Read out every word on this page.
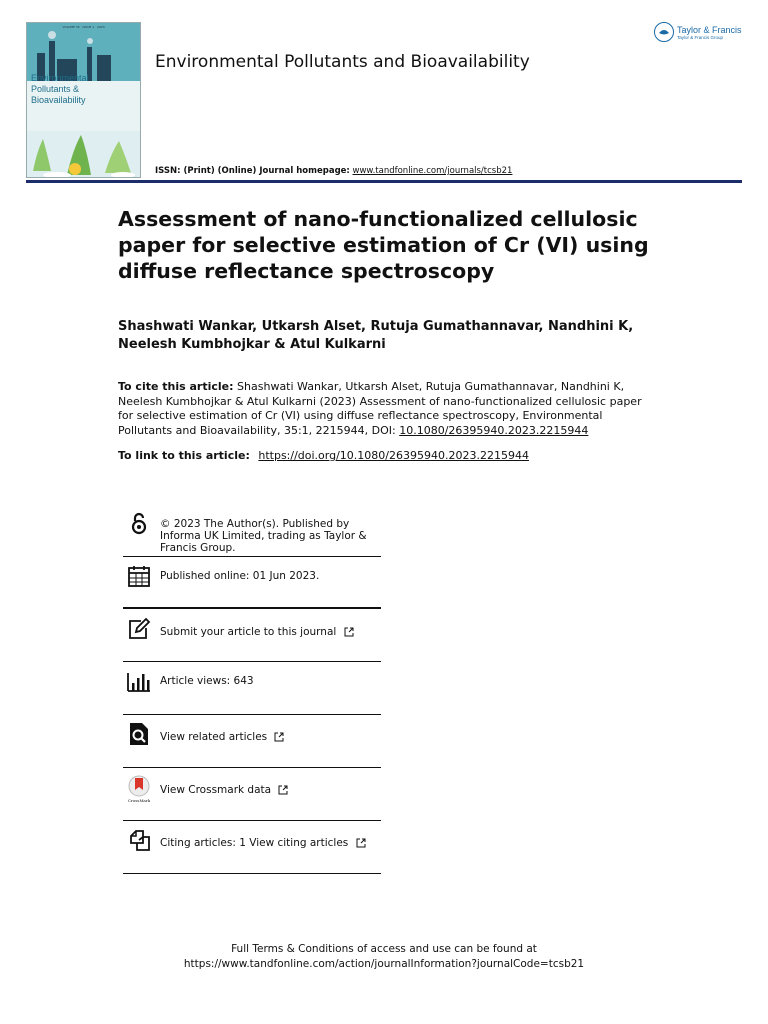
VOLUME 35 · ISSUE 1 · 2023
Environmental
Pollutants &
Bioavailability
Environmental Pollutants and Bioavailability
Taylor & Francis
Taylor & Francis Group
ISSN: (Print) (Online) Journal homepage: www.tandfonline.com/journals/tcsb21
Assessment of nano-functionalized cellulosic paper for selective estimation of Cr (VI) using diffuse reflectance spectroscopy
Shashwati Wankar, Utkarsh Alset, Rutuja Gumathannavar, Nandhini K, Neelesh Kumbhojkar & Atul Kulkarni
To cite this article: Shashwati Wankar, Utkarsh Alset, Rutuja Gumathannavar, Nandhini K, Neelesh Kumbhojkar & Atul Kulkarni (2023) Assessment of nano-functionalized cellulosic paper for selective estimation of Cr (VI) using diffuse reflectance spectroscopy, Environmental Pollutants and Bioavailability, 35:1, 2215944, DOI: 10.1080/26395940.2023.2215944
To link to this article: https://doi.org/10.1080/26395940.2023.2215944
© 2023 The Author(s). Published by Informa UK Limited, trading as Taylor & Francis Group.
Published online: 01 Jun 2023.
Submit your article to this journal
Article views: 643
View related articles
CrossMark
View Crossmark data
Citing articles: 1 View citing articles
Full Terms & Conditions of access and use can be found at
https://www.tandfonline.com/action/journalInformation?journalCode=tcsb21
